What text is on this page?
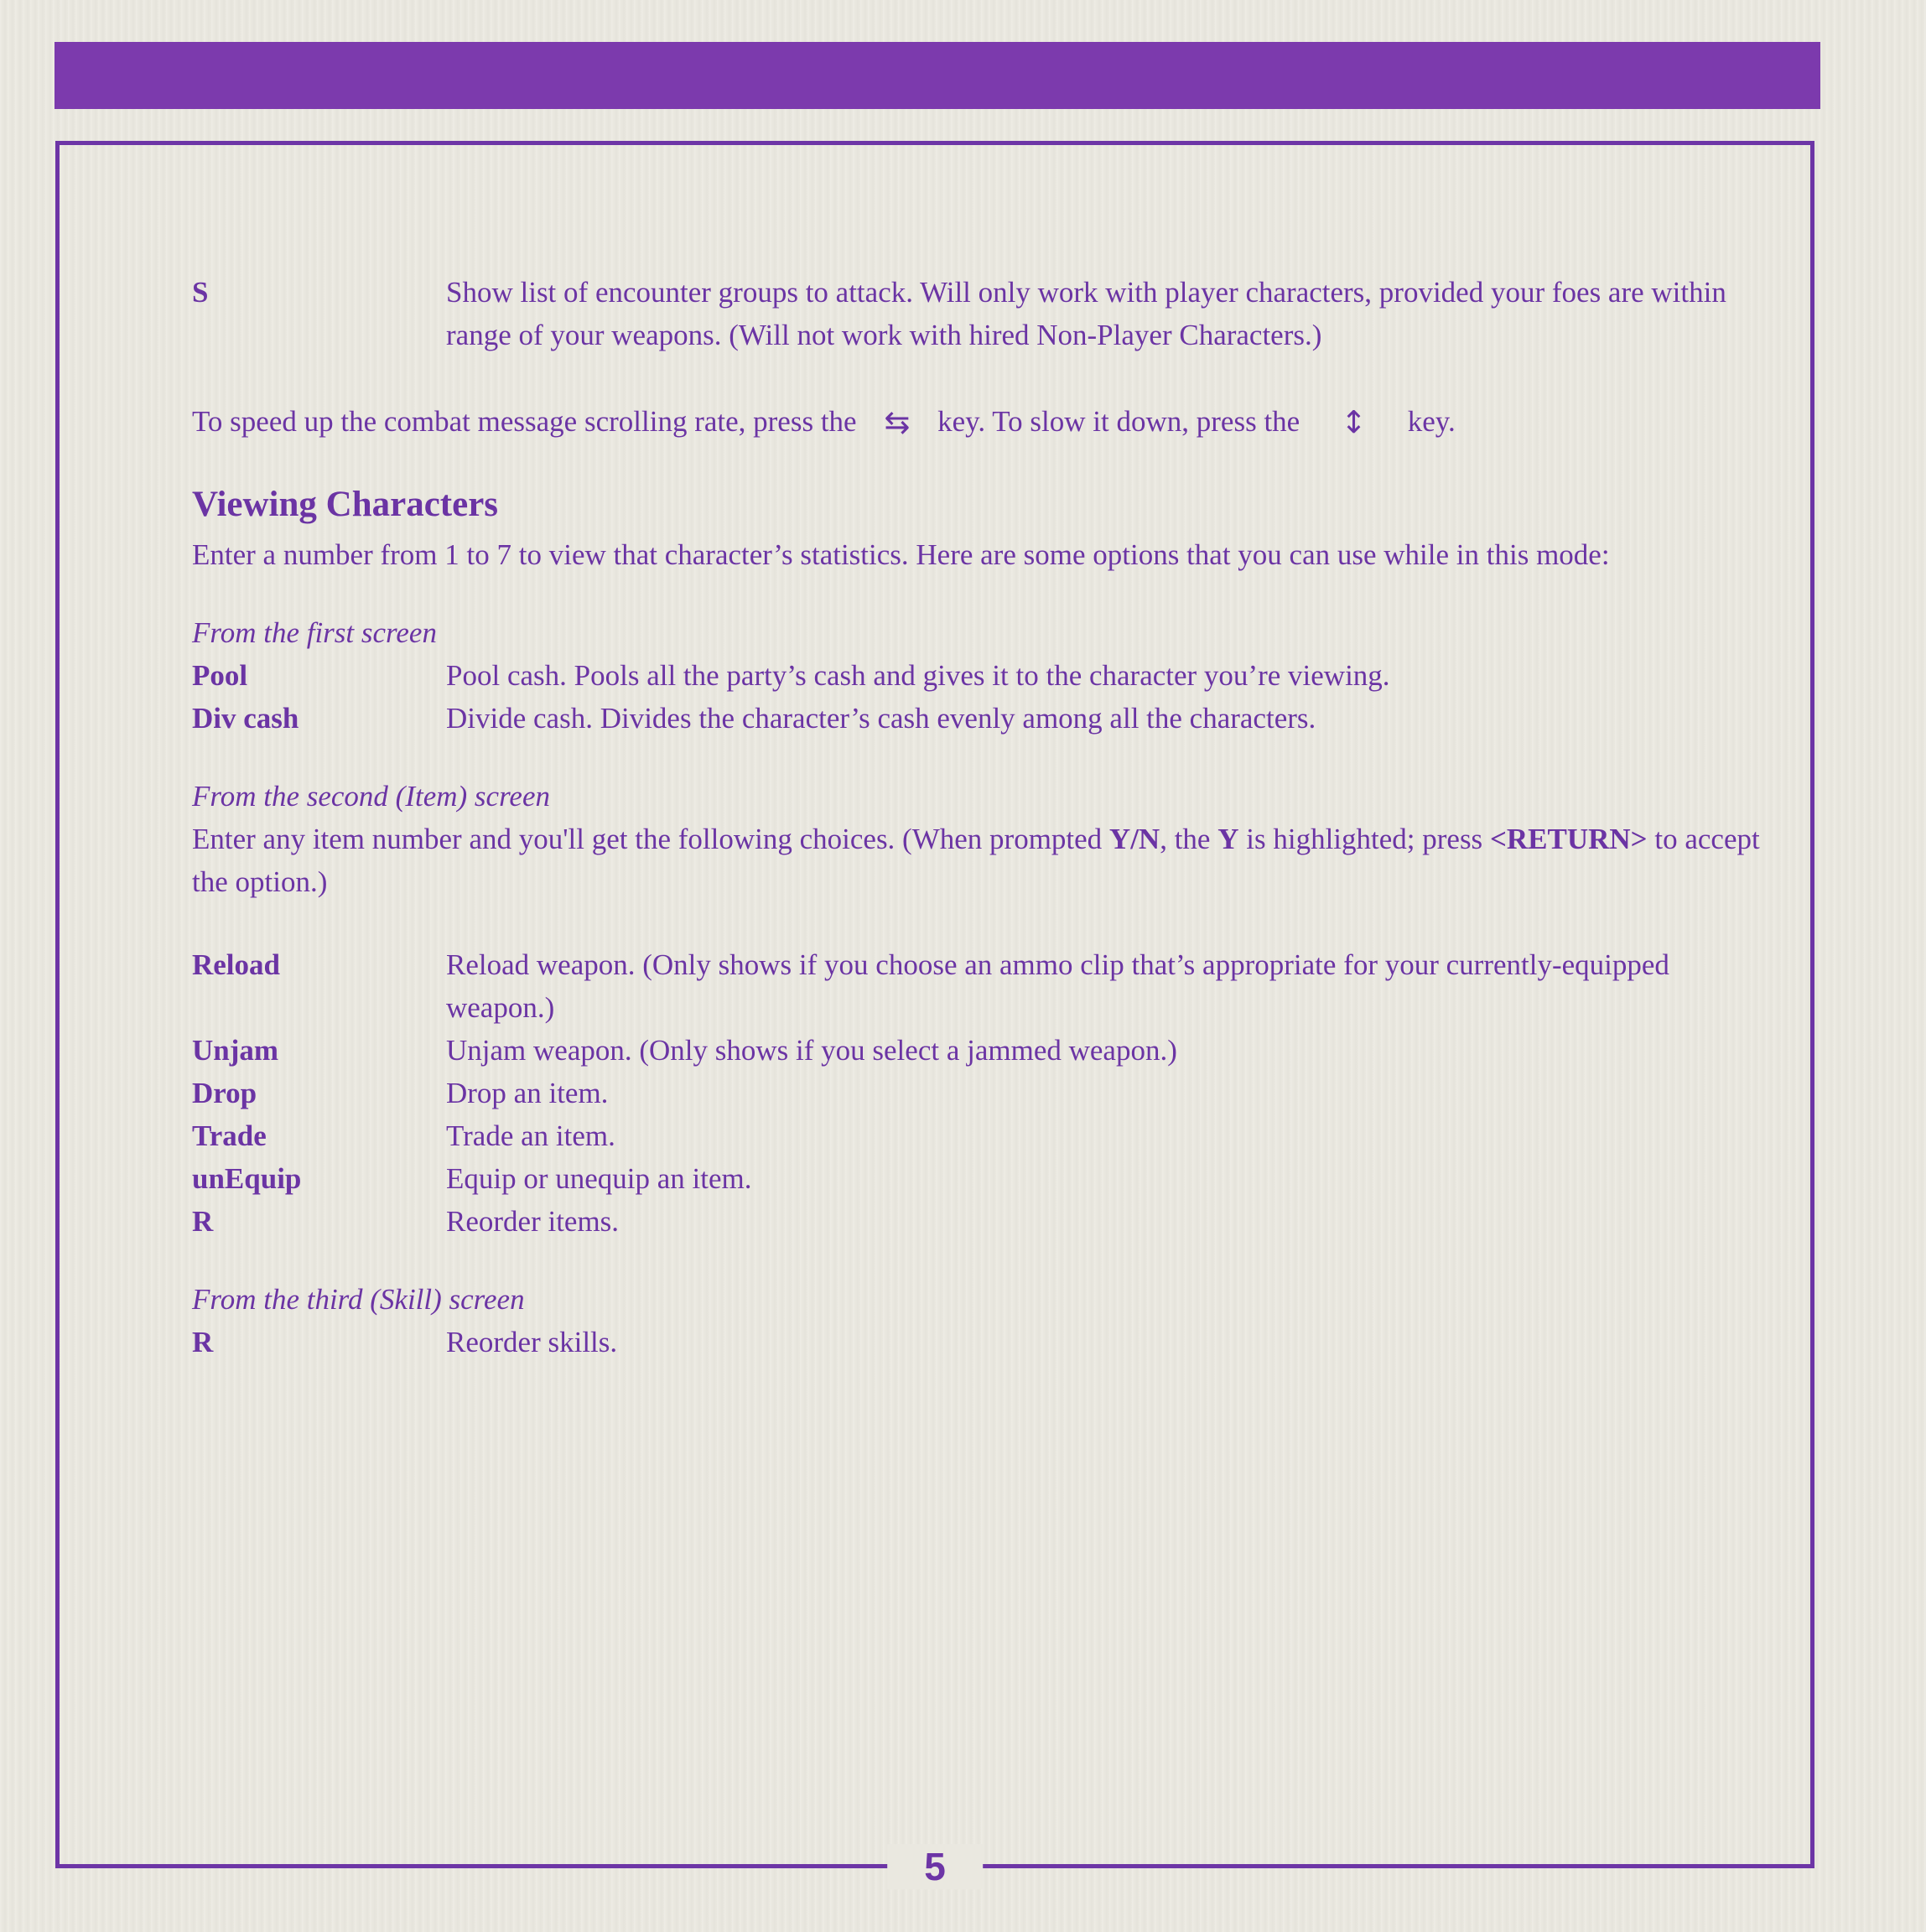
S	Show list of encounter groups to attack. Will only work with player characters, provided your foes are within range of your weapons. (Will not work with hired Non-Player Characters.)

To speed up the combat message scrolling rate, press the ⇆ key. To slow it down, press the ↕ key.

Viewing Characters

Enter a number from 1 to 7 to view that character’s statistics. Here are some options that you can use while in this mode:

From the first screen
Pool	Pool cash. Pools all the party’s cash and gives it to the character you’re viewing.
Div cash	Divide cash. Divides the character’s cash evenly among all the characters.
From the second (Item) screen

Enter any item number and you'll get the following choices. (When prompted Y/N, the Y is highlighted; press <RETURN> to accept the option.)

Reload	Reload weapon. (Only shows if you choose an ammo clip that’s appropriate for your currently-equipped weapon.)
Unjam	Unjam weapon. (Only shows if you select a jammed weapon.)
Drop	Drop an item.
Trade	Trade an item.
unEquip	Equip or unequip an item.
R	Reorder items.
From the third (Skill) screen
R	Reorder skills.
5
